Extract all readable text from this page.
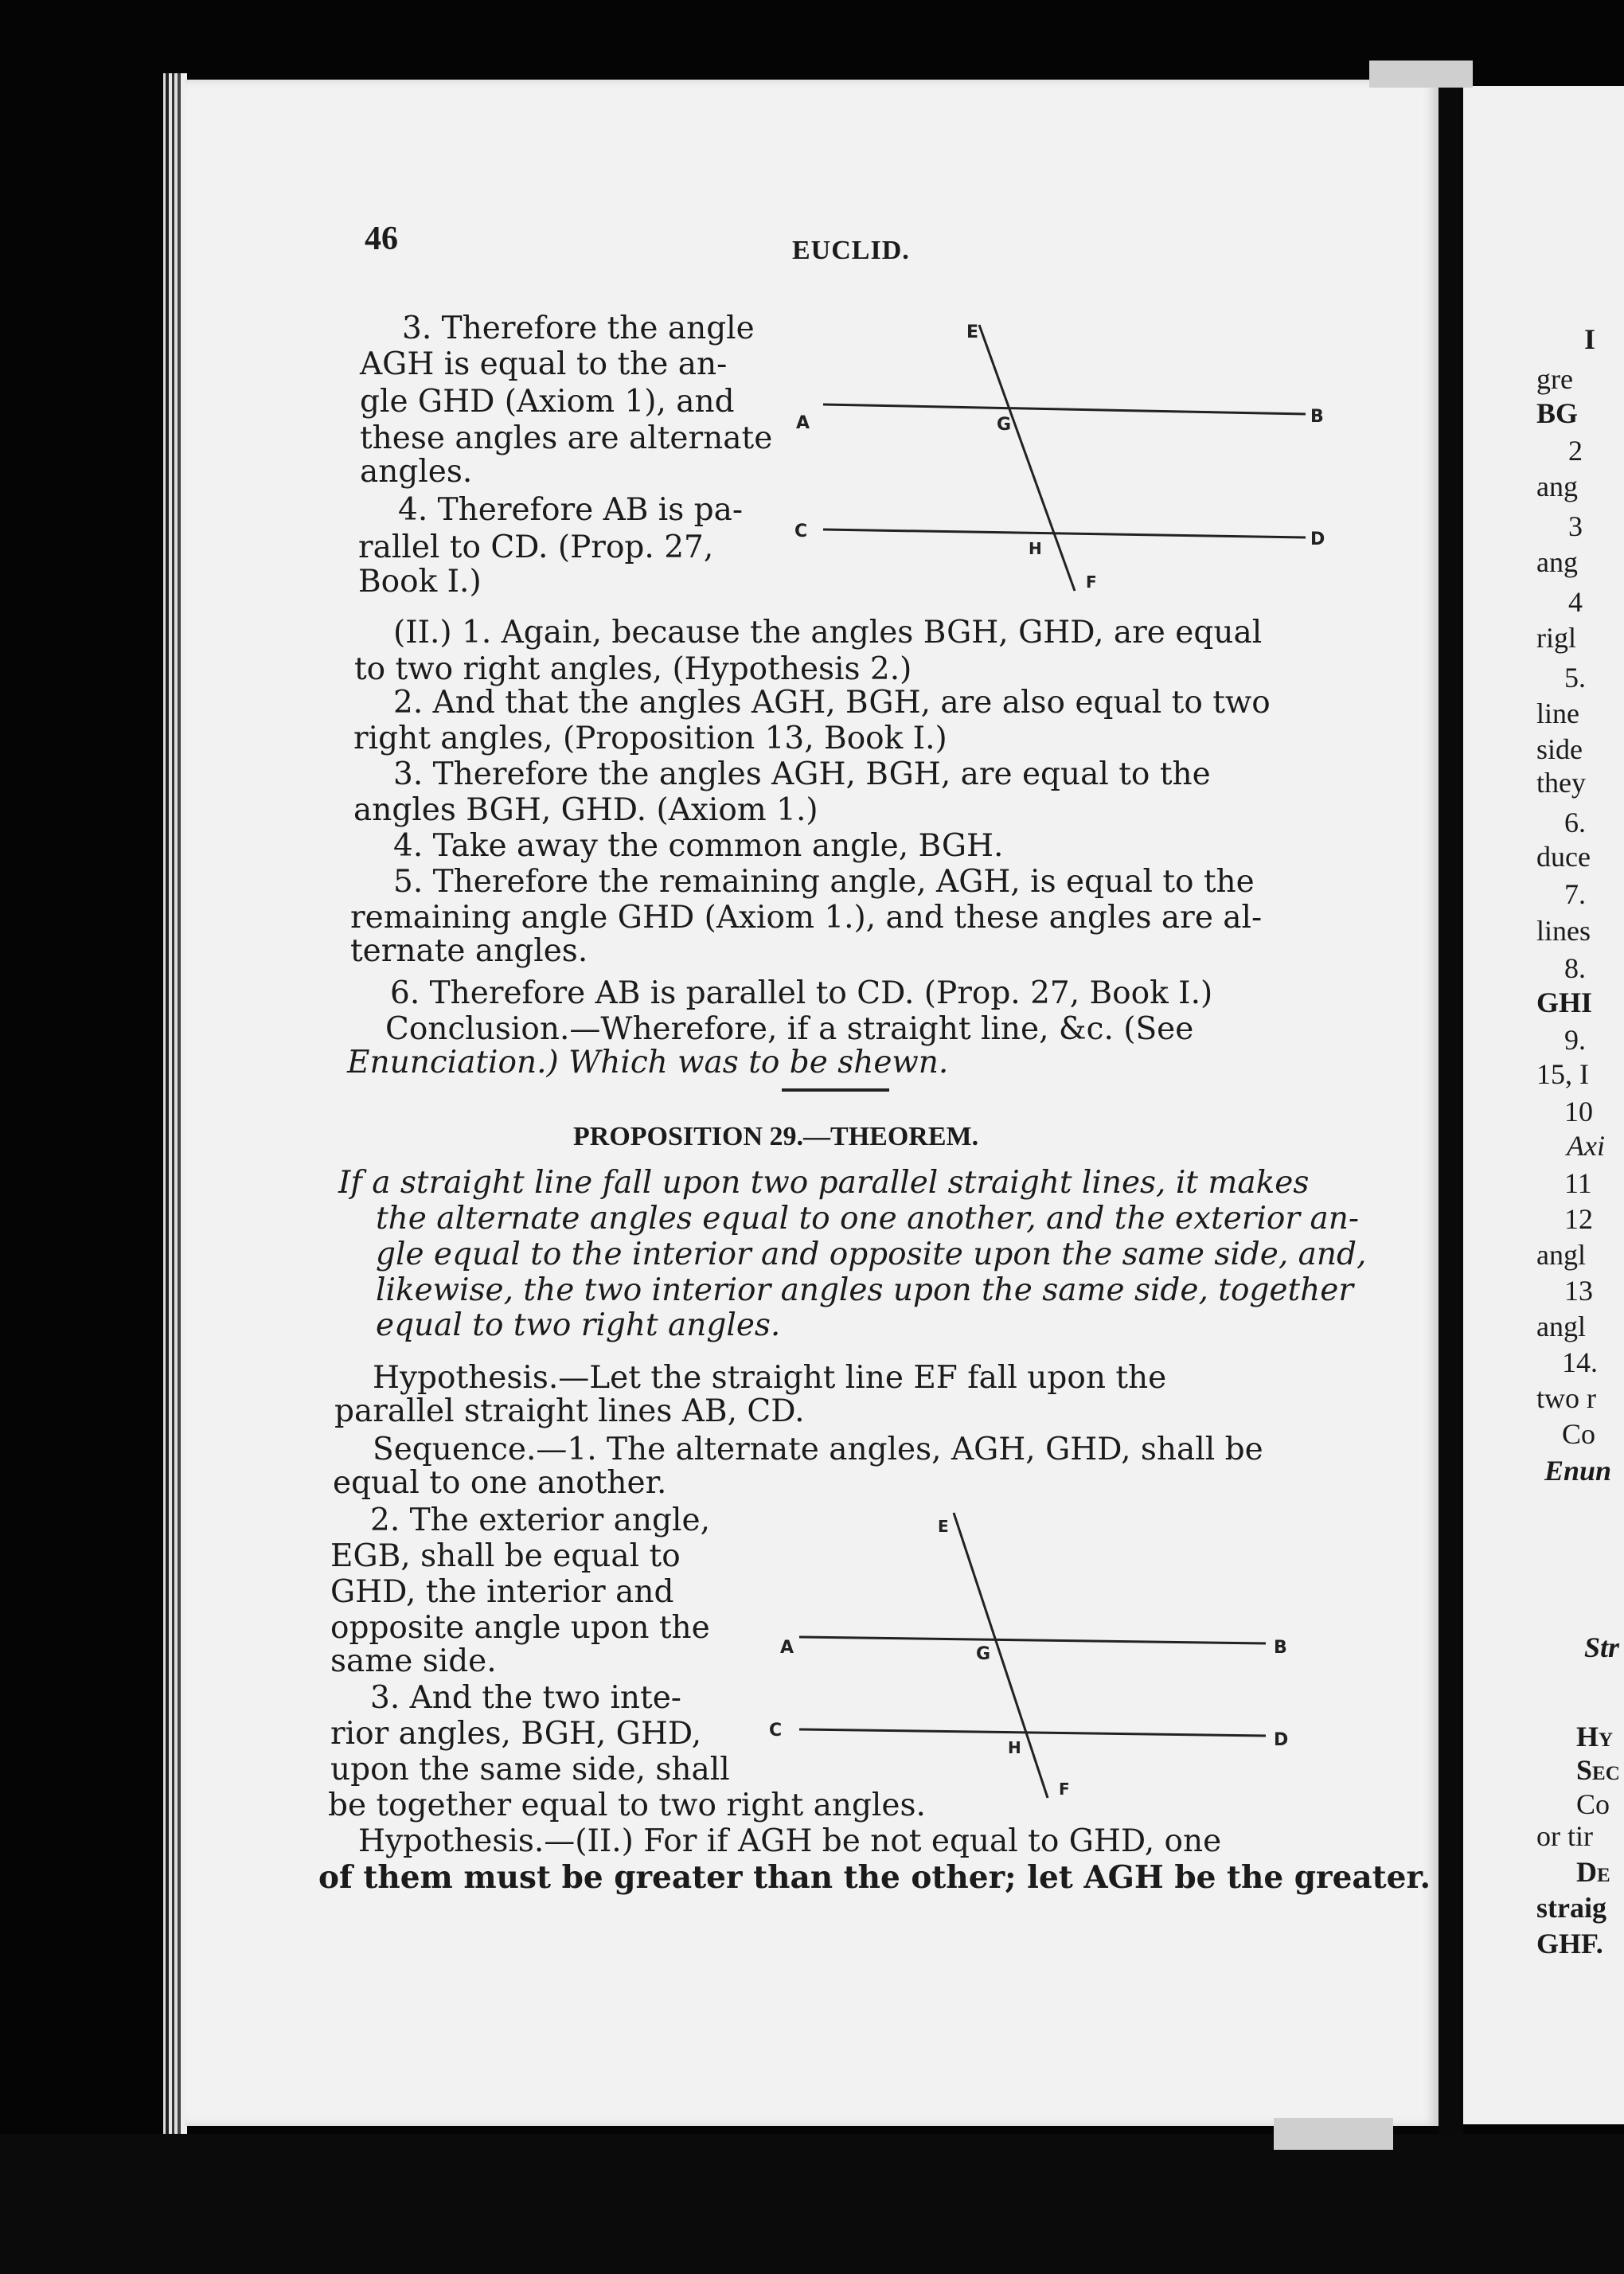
46	EUCLID.
E
A	B
G
C	D
H
F
E
A	B
G
C	D
H
F
3. Therefore the angle
AGH is equal to the an-
gle GHD (Axiom 1), and
these angles are alternate
angles.
4. Therefore AB is pa-
rallel to CD. (Prop. 27,
Book I.)
(II.) 1. Again, because the angles BGH, GHD, are equal
to two right angles, (Hypothesis 2.)
2. And that the angles AGH, BGH, are also equal to two
right angles, (Proposition 13, Book I.)
3. Therefore the angles AGH, BGH, are equal to the
angles BGH, GHD. (Axiom 1.)
4. Take away the common angle, BGH.
5. Therefore the remaining angle, AGH, is equal to the
remaining angle GHD (Axiom 1.), and these angles are al-
ternate angles.
6. Therefore AB is parallel to CD. (Prop. 27, Book I.)
Conclusion.—Wherefore, if a straight line, &c. (See
Enunciation.) Which was to be shewn.
PROPOSITION 29.—THEOREM.
If a straight line fall upon two parallel straight lines, it makes
the alternate angles equal to one another, and the exterior an-
gle equal to the interior and opposite upon the same side, and,
likewise, the two interior angles upon the same side, together
equal to two right angles.
Hypothesis.—Let the straight line EF fall upon the
parallel straight lines AB, CD.
Sequence.—1. The alternate angles, AGH, GHD, shall be
equal to one another.
2. The exterior angle,
EGB, shall be equal to
GHD, the interior and
opposite angle upon the
same side.
3. And the two inte-
rior angles, BGH, GHD,
upon the same side, shall
be together equal to two right angles.
Hypothesis.—(II.) For if AGH be not equal to GHD, one
of them must be greater than the other; let AGH be the greater.
I
gre
BG
2
ang
3
ang
4
rigl
5.
line
side
they
6.
duce
7.
lines
8.
GHI
9.
15, I
10
Axi
11
12
angl
13
angl
14.
two r
Co
Enun
Str
Hy
Sec
Co
or tir
De
straig
GHF.
